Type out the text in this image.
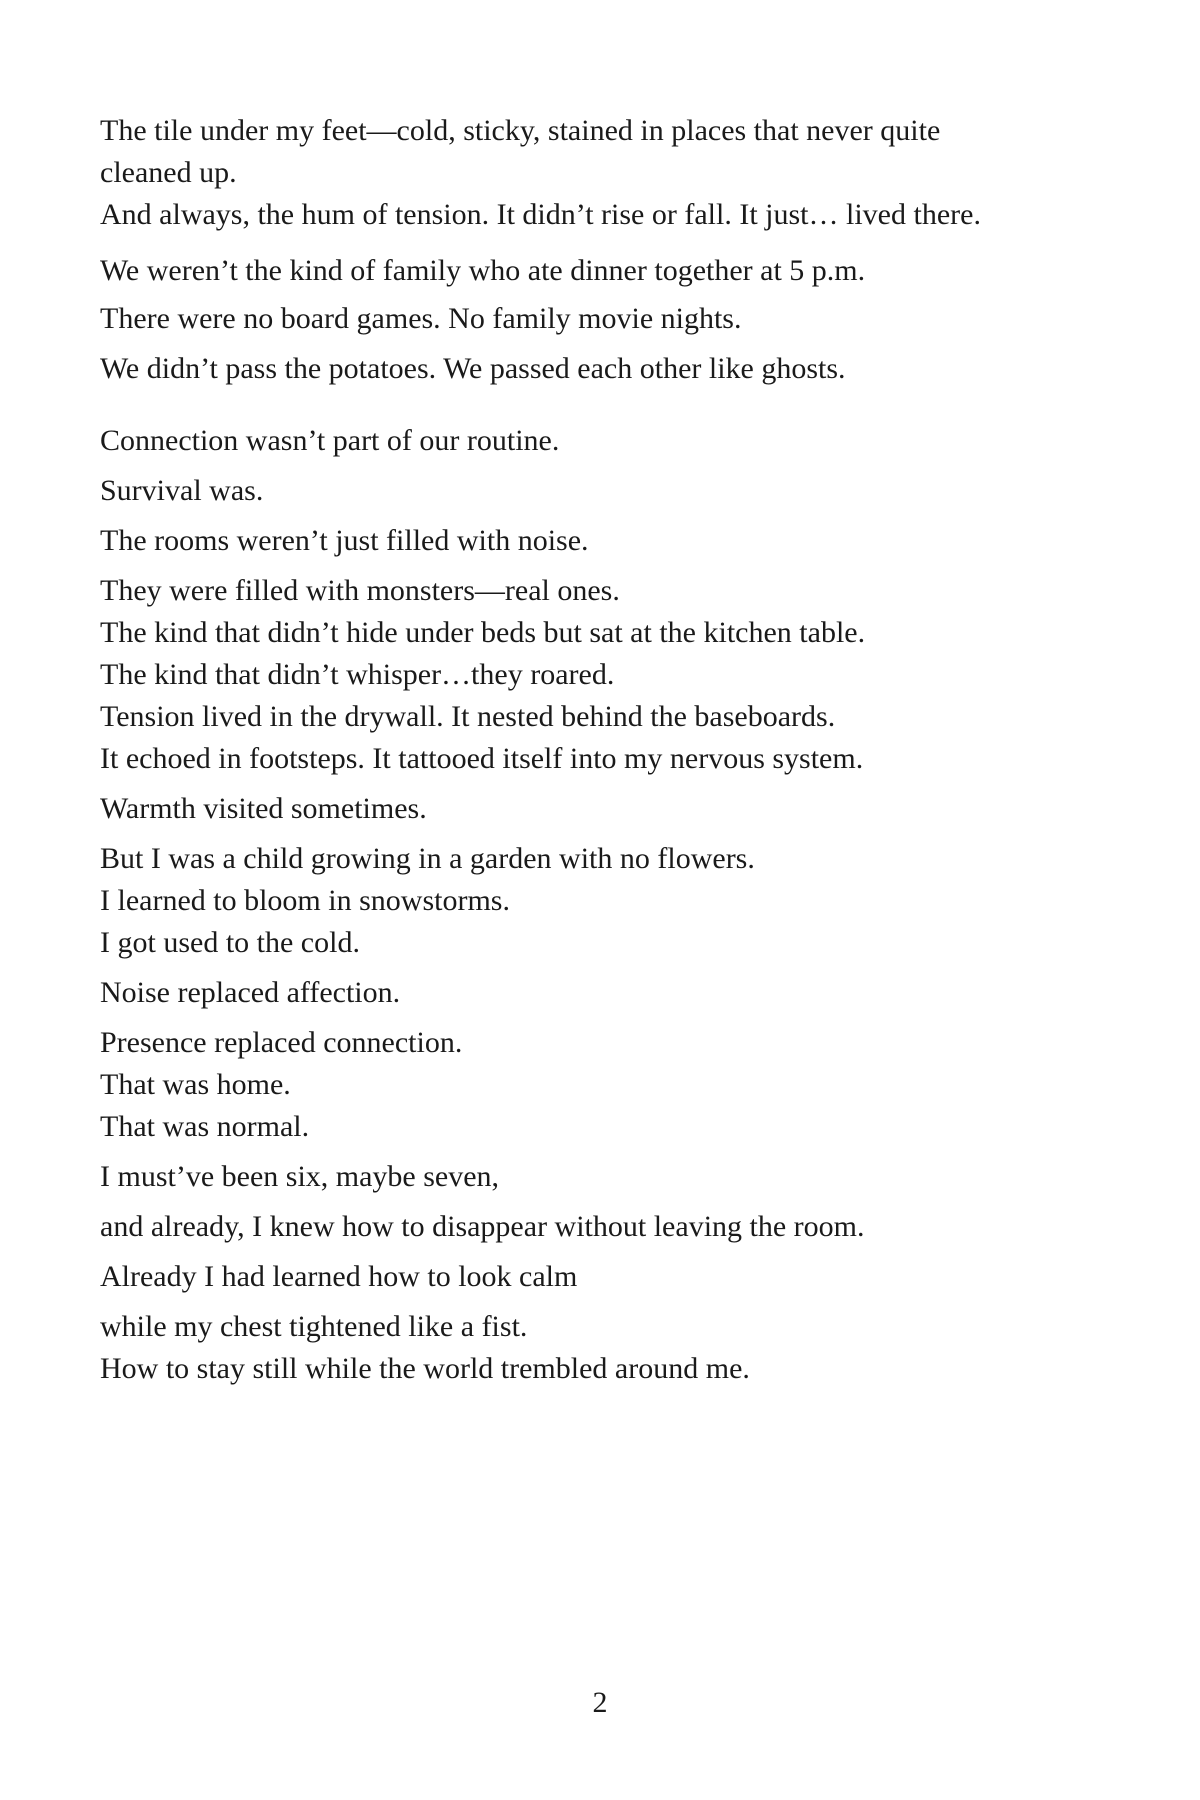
The tile under my feet—cold, sticky, stained in places that never quite
cleaned up.
And always, the hum of tension. It didn’t rise or fall. It just… lived there.
We weren’t the kind of family who ate dinner together at 5 p.m.
There were no board games. No family movie nights.
We didn’t pass the potatoes. We passed each other like ghosts.
Connection wasn’t part of our routine.
Survival was.
The rooms weren’t just filled with noise.
They were filled with monsters—real ones.
The kind that didn’t hide under beds but sat at the kitchen table.
The kind that didn’t whisper…they roared.
Tension lived in the drywall. It nested behind the baseboards.
It echoed in footsteps. It tattooed itself into my nervous system.
Warmth visited sometimes.
But I was a child growing in a garden with no flowers.
I learned to bloom in snowstorms.
I got used to the cold.
Noise replaced affection.
Presence replaced connection.
That was home.
That was normal.
I must’ve been six, maybe seven,
and already, I knew how to disappear without leaving the room.
Already I had learned how to look calm
while my chest tightened like a fist.
How to stay still while the world trembled around me.
2
